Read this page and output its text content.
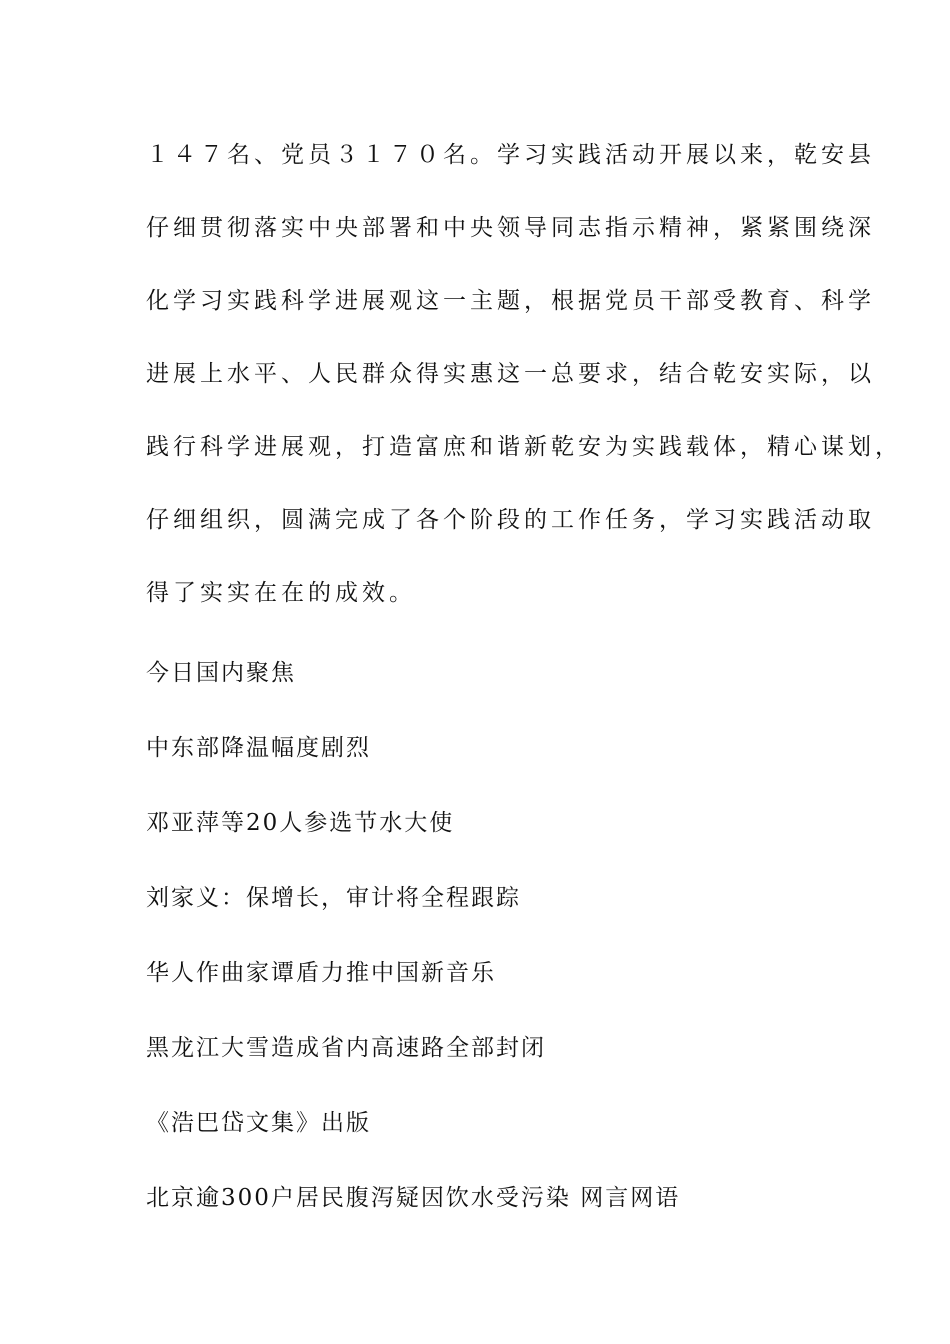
１４７名、党员３１７０名。学习实践活动开展以来，乾安县

仔细贯彻落实中央部署和中央领导同志指示精神，紧紧围绕深

化学习实践科学进展观这一主题，根据党员干部受教育、科学

进展上水平、人民群众得实惠这一总要求，结合乾安实际，以

践行科学进展观，打造富庶和谐新乾安为实践载体，精心谋划，

仔细组织，圆满完成了各个阶段的工作任务，学习实践活动取

得了实实在在的成效。

今日国内聚焦
中东部降温幅度剧烈
邓亚萍等20人参选节水大使
刘家义：保增长，审计将全程跟踪
华人作曲家谭盾力推中国新音乐
黑龙江大雪造成省内高速路全部封闭
《浩巴岱文集》出版
北京逾300户居民腹泻疑因饮水受污染 网言网语
